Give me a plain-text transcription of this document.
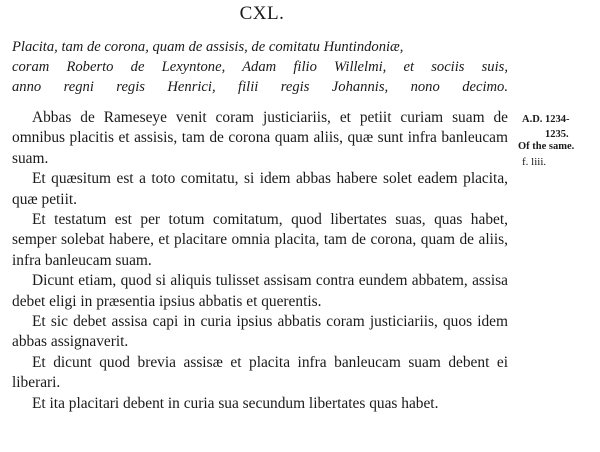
CXL.
Placita, tam de corona, quam de assisis, de comitatu Huntindoniæ,
coram Roberto de Lexyntone, Adam filio Willelmi, et sociis suis,
anno regni regis Henrici, filii regis Johannis, nono decimo.

Abbas de Rameseye venit coram justiciariis, et petiit curiam suam de omnibus placitis et assisis, tam de corona quam aliis, quæ sunt infra banleucam suam.

Et quæsitum est a toto comitatu, si idem abbas habere solet eadem placita, quæ petiit.

Et testatum est per totum comitatum, quod libertates suas, quas habet, semper solebat habere, et placitare omnia placita, tam de corona, quam de aliis, infra banleucam suam.

Dicunt etiam, quod si aliquis tulisset assisam contra eundem abbatem, assisa debet eligi in præsentia ipsius abbatis et querentis.

Et sic debet assisa capi in curia ipsius abbatis coram justiciariis, quos idem abbas assignaverit.

Et dicunt quod brevia assisæ et placita infra banleucam suam debent ei liberari.

Et ita placitari debent in curia sua secundum libertates quas habet.

A.D. 1234-
1235.
Of the same.
f. liii.
